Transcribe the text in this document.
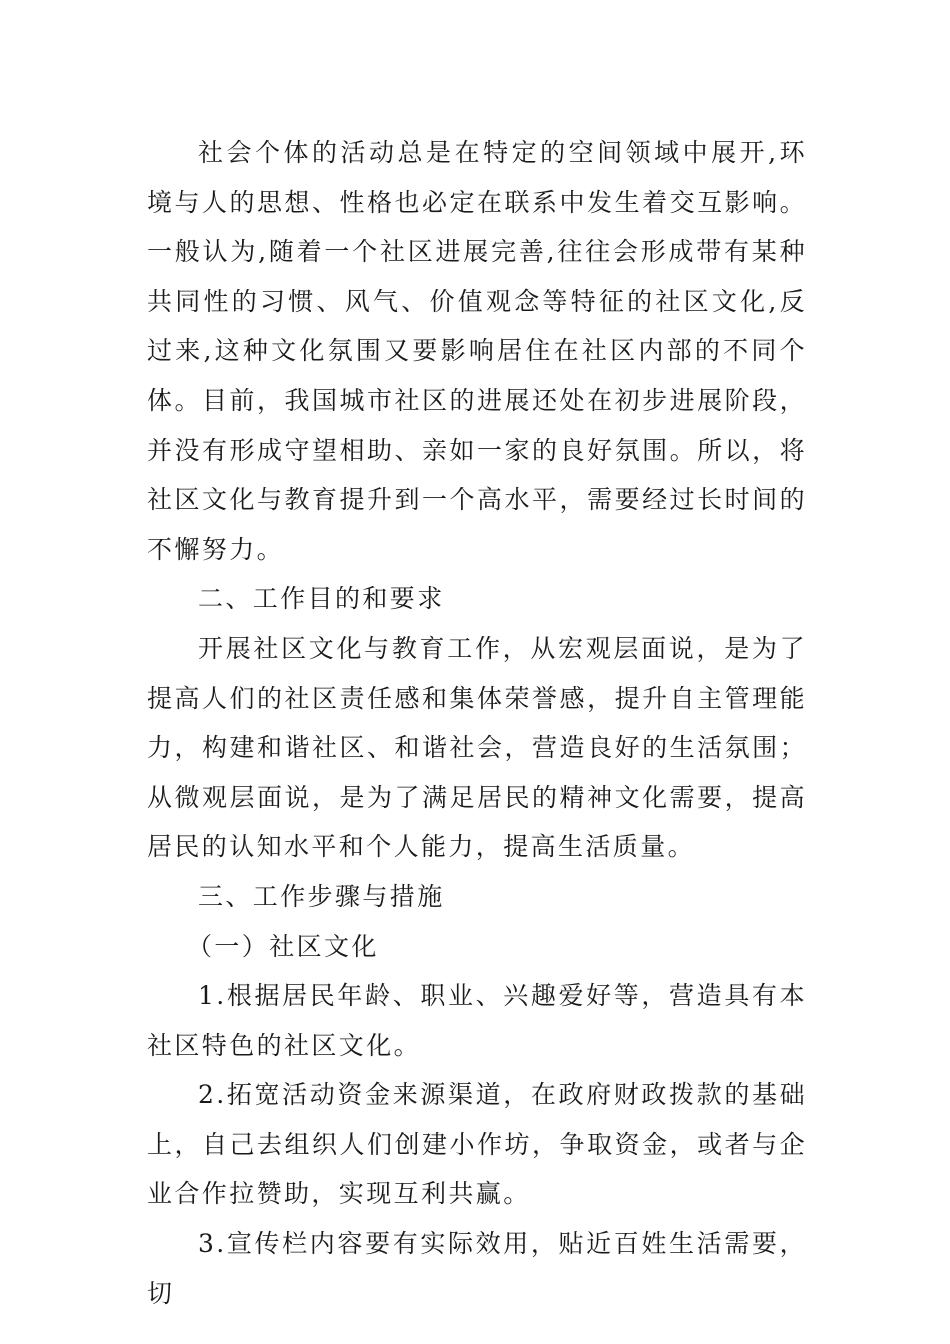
社会个体的活动总是在特定的空间领域中展开,环境与人的思想、性格也必定在联系中发生着交互影响。一般认为,随着一个社区进展完善,往往会形成带有某种共同性的习惯、风气、价值观念等特征的社区文化,反过来,这种文化氛围又要影响居住在社区内部的不同个体。目前，我国城市社区的进展还处在初步进展阶段，并没有形成守望相助、亲如一家的良好氛围。所以，将社区文化与教育提升到一个高水平，需要经过长时间的不懈努力。

二、工作目的和要求

开展社区文化与教育工作，从宏观层面说，是为了提高人们的社区责任感和集体荣誉感，提升自主管理能力，构建和谐社区、和谐社会，营造良好的生活氛围；从微观层面说，是为了满足居民的精神文化需要，提高居民的认知水平和个人能力，提高生活质量。

三、工作步骤与措施

（一）社区文化

1.根据居民年龄、职业、兴趣爱好等，营造具有本社区特色的社区文化。

2.拓宽活动资金来源渠道，在政府财政拨款的基础上，自己去组织人们创建小作坊，争取资金，或者与企业合作拉赞助，实现互利共赢。

3.宣传栏内容要有实际效用，贴近百姓生活需要，切
